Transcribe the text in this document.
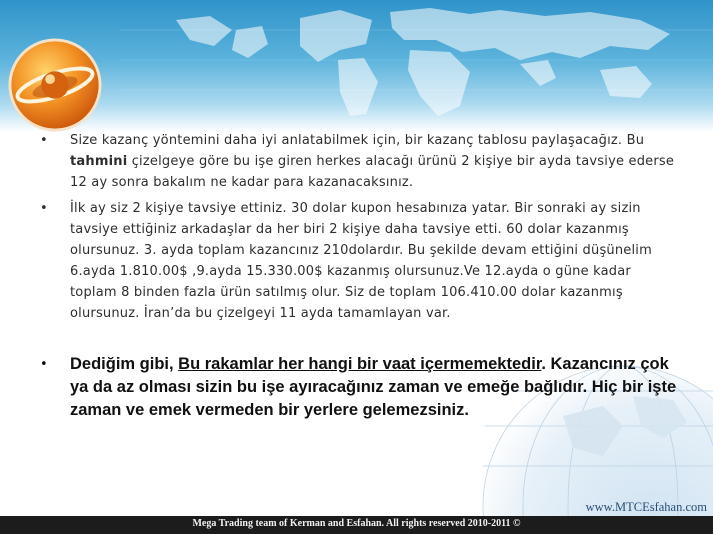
• Size kazanç yöntemini daha iyi anlatabilmek için, bir kazanç tablosu paylaşacağız. Bu tahmini çizelgeye göre bu işe giren herkes alacağı ürünü 2 kişiye bir ayda tavsiye ederse 12 ay sonra bakalım ne kadar para kazanacaksınız.
• İlk ay siz 2 kişiye tavsiye ettiniz. 30 dolar kupon hesabınıza yatar. Bir sonraki ay sizin tavsiye ettiğiniz arkadaşlar da her biri 2 kişiye daha tavsiye etti. 60 dolar kazanmış olursunuz. 3. ayda toplam kazancınız 210dolardır. Bu şekilde devam ettiğini düşünelim 6.ayda 1.810.00$ ,9.ayda 15.330.00$ kazanmış olursunuz.Ve 12.ayda o güne kadar toplam 8 binden fazla ürün satılmış olur. Siz de toplam 106.410.00 dolar kazanmış olursunuz. İran’da bu çizelgeyi 11 ayda tamamlayan var.
• Dediğim gibi, Bu rakamlar her hangi bir vaat içermemektedir. Kazancınız çok ya da az olması sizin bu işe ayıracağınız zaman ve emeğe bağlıdır. Hiç bir işte zaman ve emek vermeden bir yerlere gelemezsiniz.
www.MTCEsfahan.com
Mega Trading team of Kerman and Esfahan. All rights reserved 2010-2011 ©
